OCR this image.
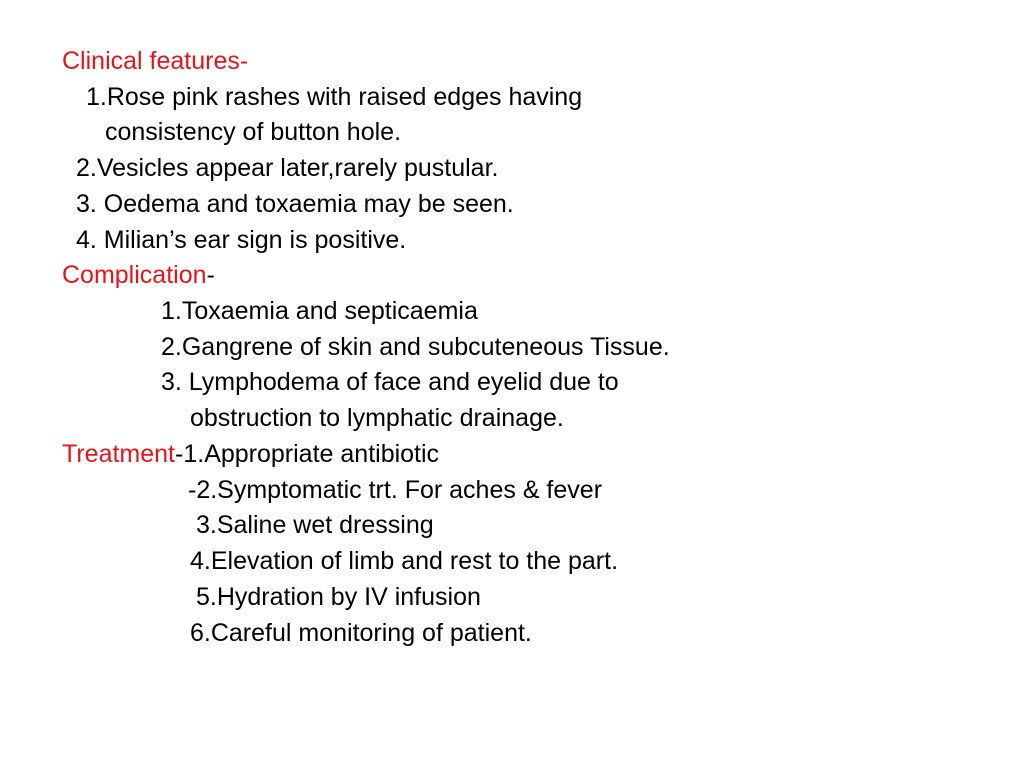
Clinical features-
1.Rose pink rashes with raised edges having
consistency of button hole.
2.Vesicles appear later,rarely pustular.
3. Oedema and toxaemia may be seen.
4. Milian’s ear sign is positive.
Complication-
1.Toxaemia and septicaemia
2.Gangrene of skin and subcuteneous Tissue.
3. Lymphodema of face and eyelid due to
obstruction to lymphatic drainage.
Treatment-1.Appropriate antibiotic
-2.Symptomatic trt. For aches & fever
3.Saline wet dressing
4.Elevation of limb and rest to the part.
5.Hydration by IV infusion
6.Careful monitoring of patient.
